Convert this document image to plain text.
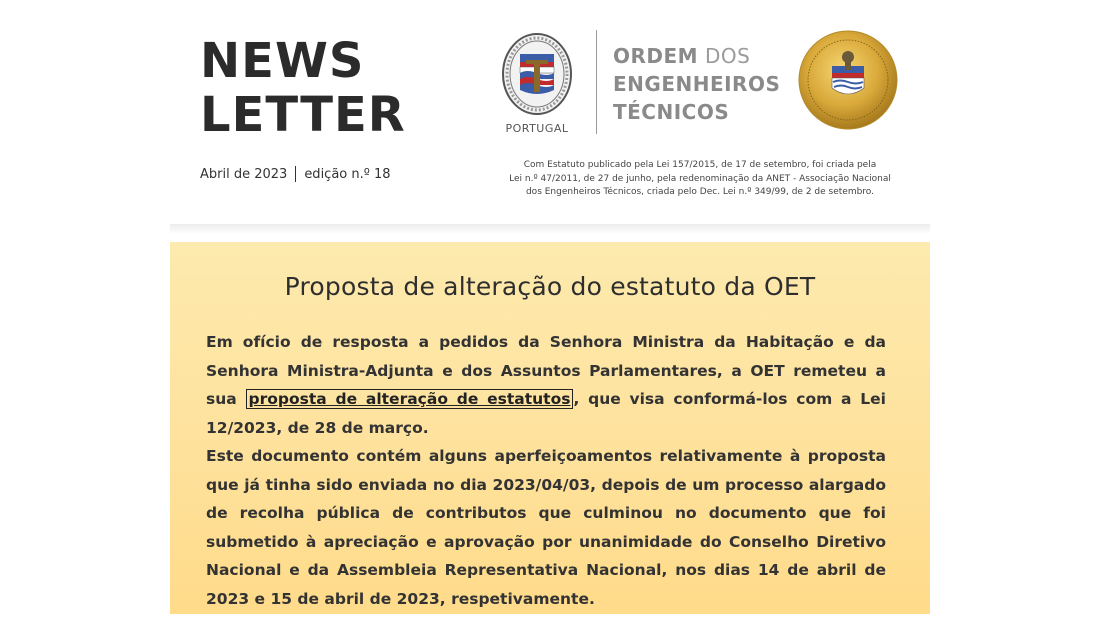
NEWS
LETTER
Abril de 2023 edição n.º 18
PORTUGAL
ORDEM DOS
ENGENHEIROS
TÉCNICOS
Com Estatuto publicado pela Lei 157/2015, de 17 de setembro, foi criada pela
Lei n.º 47/2011, de 27 de junho, pela redenominação da ANET - Associação Nacional
dos Engenheiros Técnicos, criada pelo Dec. Lei n.º 349/99, de 2 de setembro.
Proposta de alteração do estatuto da OET

Em ofício de resposta a pedidos da Senhora Ministra da Habitação e da Senhora Ministra-Adjunta e dos Assuntos Parlamentares, a OET remeteu a sua proposta de alteração de estatutos , que visa conformá-los com a Lei 12/2023, de 28 de março.

Este documento contém alguns aperfeiçoamentos relativamente à proposta que já tinha sido enviada no dia 2023/04/03, depois de um processo alargado de recolha pública de contributos que culminou no documento que foi submetido à apreciação e aprovação por unanimidade do Conselho Diretivo Nacional e da Assembleia Representativa Nacional, nos dias 14 de abril de 2023 e 15 de abril de 2023, respetivamente.
